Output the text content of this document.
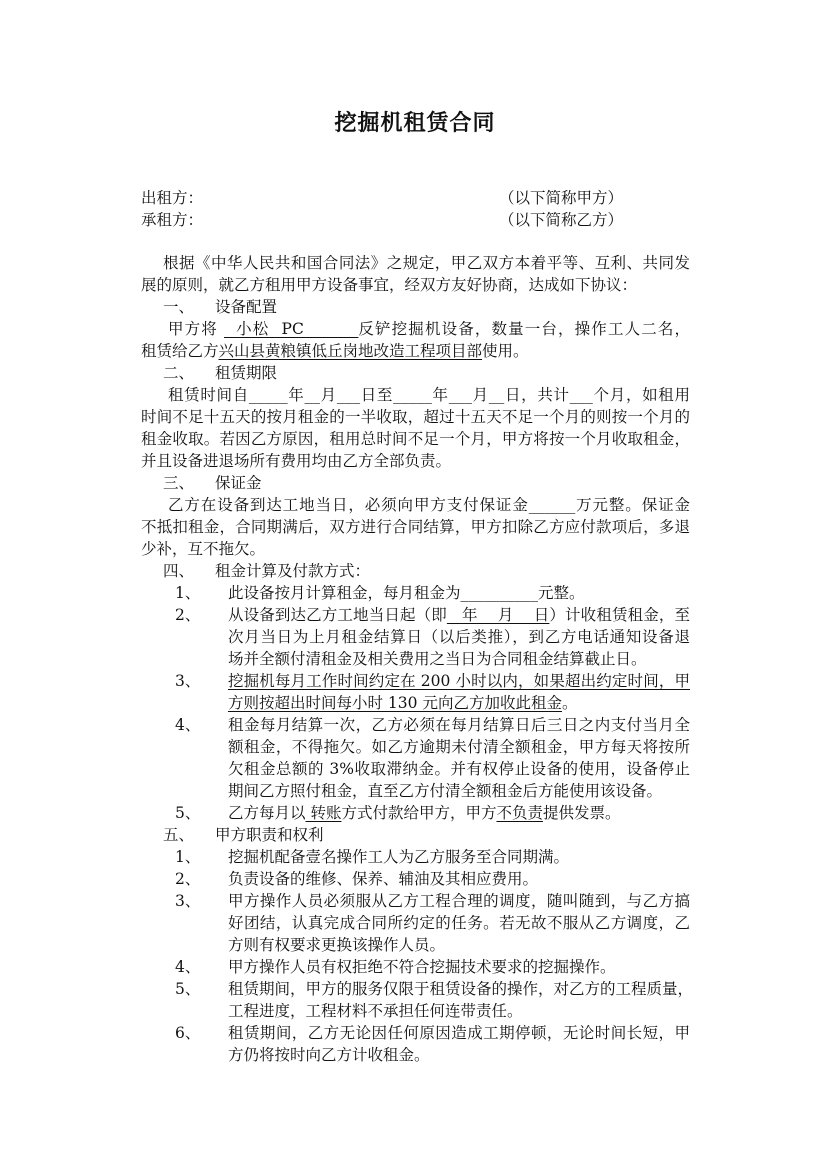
挖掘机租赁合同
出租方：	（以下简称甲方）
承租方：	（以下简称乙方）
根据《中华人民共和国合同法》之规定，甲乙双方本着平等、互利、共同发
展的原则，就乙方租用甲方设备事宜，经双方友好协商，达成如下协议：
一、 设备配置
甲方将   小松  PC         反铲挖掘机设备，数量一台，操作工人二名，
租赁给乙方兴山县黄粮镇低丘岗地改造工程项目部使用。
二、 租赁期限
租赁时间自_____年__月___日至_____年___月__日，共计___个月，如租用
时间不足十五天的按月租金的一半收取，超过十五天不足一个月的则按一个月的
租金收取。若因乙方原因，租用总时间不足一个月，甲方将按一个月收取租金，
并且设备进退场所有费用均由乙方全部负责。
三、 保证金
乙方在设备到达工地当日，必须向甲方支付保证金______万元整。保证金
不抵扣租金，合同期满后，双方进行合同结算，甲方扣除乙方应付款项后，多退
少补，互不拖欠。
四、 租金计算及付款方式：
1、 此设备按月计算租金，每月租金为__________元整。
2、 从设备到达乙方工地当日起（即   年    月    日）计收租赁租金，至
次月当日为上月租金结算日（以后类推），到乙方电话通知设备退
场并全额付清租金及相关费用之当日为合同租金结算截止日。
3、 挖掘机每月工作时间约定在 200 小时以内，如果超出约定时间，甲
方则按超出时间每小时 130 元向乙方加收此租金。
4、 租金每月结算一次，乙方必须在每月结算日后三日之内支付当月全
额租金，不得拖欠。如乙方逾期未付清全额租金，甲方每天将按所
欠租金总额的 3%收取滞纳金。并有权停止设备的使用，设备停止
期间乙方照付租金，直至乙方付清全额租金后方能使用该设备。
5、 乙方每月以 转账方式付款给甲方，甲方不负责提供发票。
五、 甲方职责和权利
1、 挖掘机配备壹名操作工人为乙方服务至合同期满。
2、 负责设备的维修、保养、辅油及其相应费用。
3、 甲方操作人员必须服从乙方工程合理的调度，随叫随到，与乙方搞
好团结，认真完成合同所约定的任务。若无故不服从乙方调度，乙
方则有权要求更换该操作人员。
4、 甲方操作人员有权拒绝不符合挖掘技术要求的挖掘操作。
5、 租赁期间，甲方的服务仅限于租赁设备的操作，对乙方的工程质量，
工程进度，工程材料不承担任何连带责任。
6、 租赁期间，乙方无论因任何原因造成工期停顿，无论时间长短，甲
方仍将按时向乙方计收租金。
